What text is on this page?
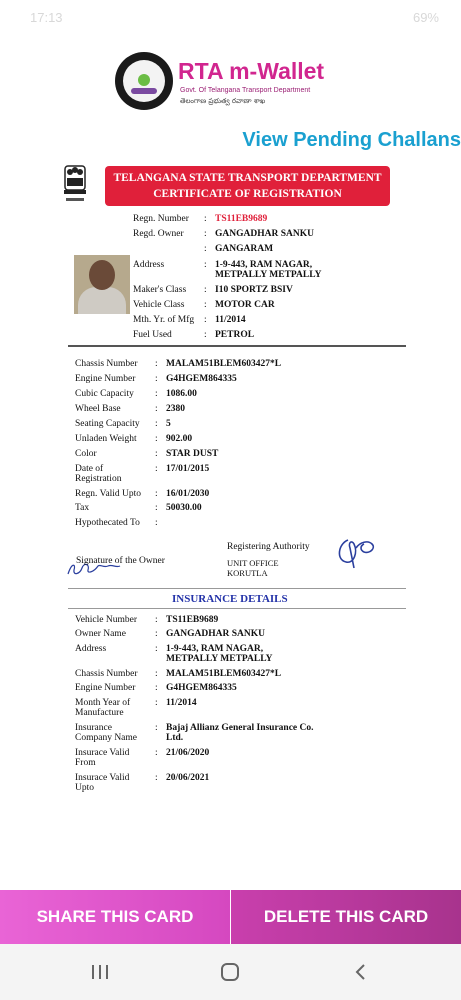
17:13	69%
RTA m-Wallet
Govt. Of Telangana Transport Department
తెలంగాణ ప్రభుత్వ రవాణా శాఖ
View Pending Challans
TELANGANA STATE TRANSPORT DEPARTMENT
CERTIFICATE OF REGISTRATION
Regn. Number : TS11EB9689
Regd. Owner : GANGADHAR SANKU
: GANGARAM
Address	: 1-9-443, RAM NAGAR,
METPALLY METPALLY
Maker's Class : I10 SPORTZ BSIV
Vehicle Class : MOTOR CAR
Mth. Yr. of Mfg : 11/2014
Fuel Used	: PETROL
Chassis Number : MALAM51BLEM603427*L
Engine Number : G4HGEM864335
Cubic Capacity : 1086.00
Wheel Base	: 2380
Seating Capacity : 5
Unladen Weight : 902.00
Color	: STAR DUST
Date of
Registration
: 17/01/2015
Regn. Valid Upto : 16/01/2030
Tax	: 50030.00
Hypothecated To :
Signature of the Owner
Registering Authority
UNIT OFFICE
KORUTLA
INSURANCE DETAILS
Vehicle Number : TS11EB9689
Owner Name	: GANGADHAR SANKU
Address	: 1-9-443, RAM NAGAR,
METPALLY METPALLY
Chassis Number : MALAM51BLEM603427*L
Engine Number : G4HGEM864335
Month Year of
Manufacture
: 11/2014
Insurance
Company Name
: Bajaj Allianz General Insurance Co.
Ltd.
Insurace Valid
From
: 21/06/2020
Insurace Valid
Upto
: 20/06/2021
SHARE THIS CARD	DELETE THIS CARD
